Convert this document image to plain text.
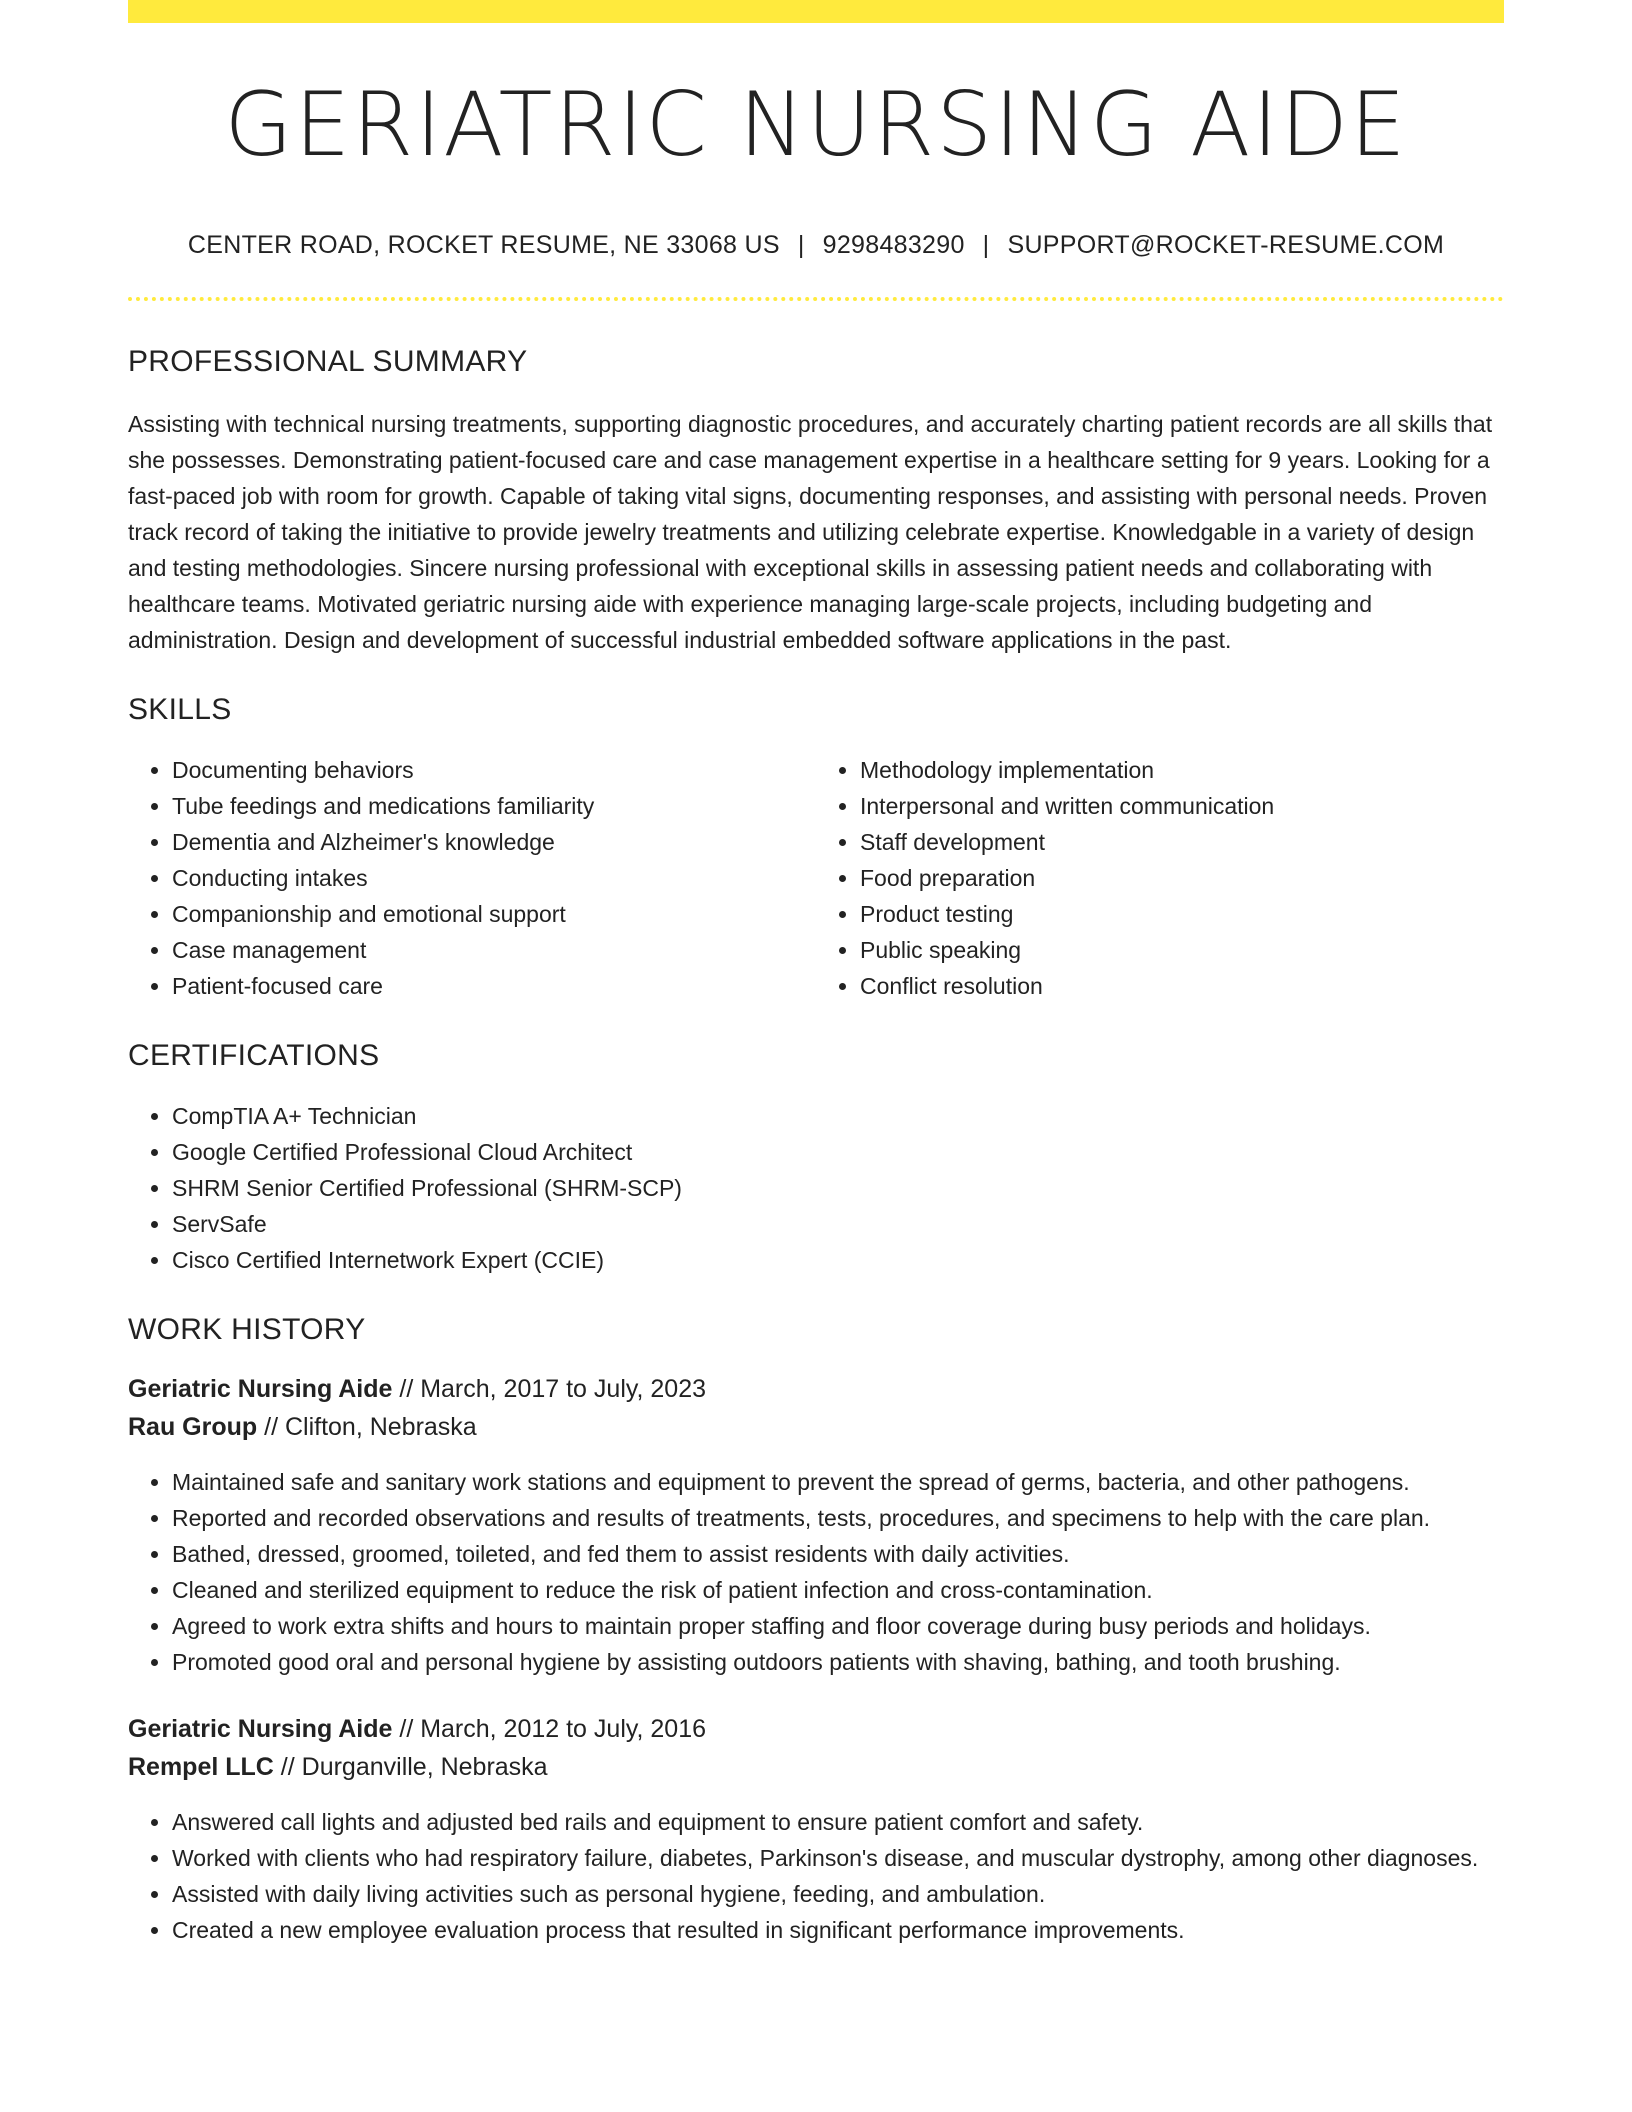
GERIATRIC NURSING AIDE
CENTER ROAD, ROCKET RESUME, NE 33068 US | 9298483290 | SUPPORT@ROCKET-RESUME.COM
PROFESSIONAL SUMMARY
Assisting with technical nursing treatments, supporting diagnostic procedures, and accurately charting patient records are all skills that she possesses. Demonstrating patient-focused care and case management expertise in a healthcare setting for 9 years. Looking for a fast-paced job with room for growth. Capable of taking vital signs, documenting responses, and assisting with personal needs. Proven track record of taking the initiative to provide jewelry treatments and utilizing celebrate expertise. Knowledgable in a variety of design and testing methodologies. Sincere nursing professional with exceptional skills in assessing patient needs and collaborating with healthcare teams. Motivated geriatric nursing aide with experience managing large-scale projects, including budgeting and administration. Design and development of successful industrial embedded software applications in the past.
SKILLS
• Documenting behaviors
• Tube feedings and medications familiarity
• Dementia and Alzheimer's knowledge
• Conducting intakes
• Companionship and emotional support
• Case management
• Patient-focused care
• Methodology implementation
• Interpersonal and written communication
• Staff development
• Food preparation
• Product testing
• Public speaking
• Conflict resolution
CERTIFICATIONS
• CompTIA A+ Technician
• Google Certified Professional Cloud Architect
• SHRM Senior Certified Professional (SHRM-SCP)
• ServSafe
• Cisco Certified Internetwork Expert (CCIE)
WORK HISTORY
Geriatric Nursing Aide // March, 2017 to July, 2023
Rau Group // Clifton, Nebraska
• Maintained safe and sanitary work stations and equipment to prevent the spread of germs, bacteria, and other pathogens.
• Reported and recorded observations and results of treatments, tests, procedures, and specimens to help with the care plan.
• Bathed, dressed, groomed, toileted, and fed them to assist residents with daily activities.
• Cleaned and sterilized equipment to reduce the risk of patient infection and cross-contamination.
• Agreed to work extra shifts and hours to maintain proper staffing and floor coverage during busy periods and holidays.
• Promoted good oral and personal hygiene by assisting outdoors patients with shaving, bathing, and tooth brushing.
Geriatric Nursing Aide // March, 2012 to July, 2016
Rempel LLC // Durganville, Nebraska
• Answered call lights and adjusted bed rails and equipment to ensure patient comfort and safety.
• Worked with clients who had respiratory failure, diabetes, Parkinson's disease, and muscular dystrophy, among other diagnoses.
• Assisted with daily living activities such as personal hygiene, feeding, and ambulation.
• Created a new employee evaluation process that resulted in significant performance improvements.
